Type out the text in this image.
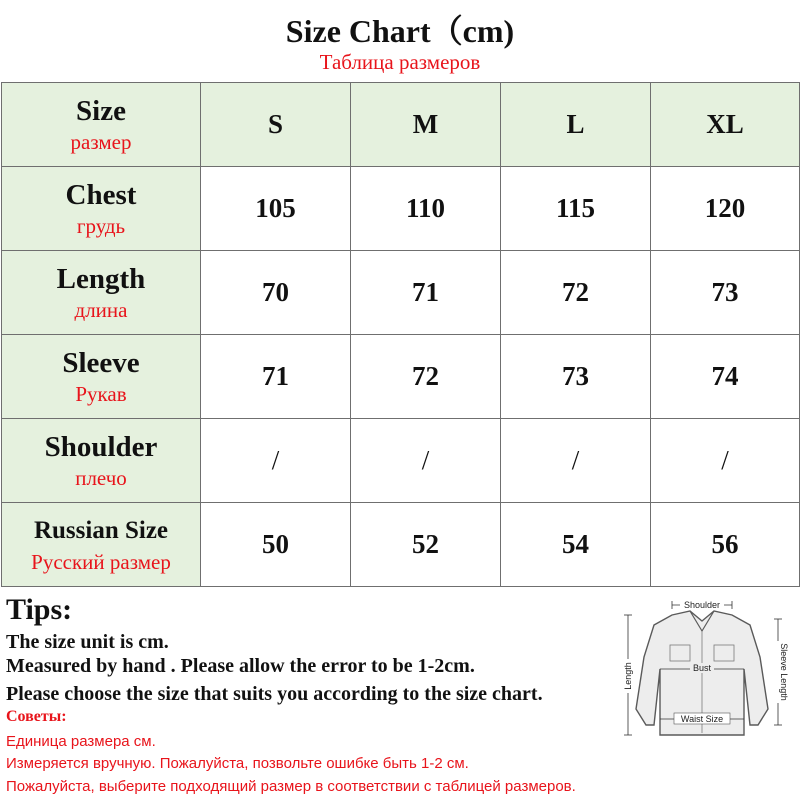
Size Chart（cm)
Таблица размеров
Size
размер	S	M	L	XL

Chest
грудь	105	110	115	120

Length
длина	70	71	72	73

Sleeve
Рукав	71	72	73	74

Shoulder
плечо	/	/	/	/

Russian Size
Русский размер	50	52	54	56
Tips:
The size unit is cm.
Measured by hand . Please allow the error to be 1-2cm.
Please choose the size that suits you according to the size chart.
Советы:
Единица размера см.
Измеряется вручную. Пожалуйста, позвольте ошибке быть 1-2 см.
Пожалуйста, выберите подходящий размер в соответствии с таблицей размеров.
Shoulder
Bust
Waist Size
Length	Sleeve Length
